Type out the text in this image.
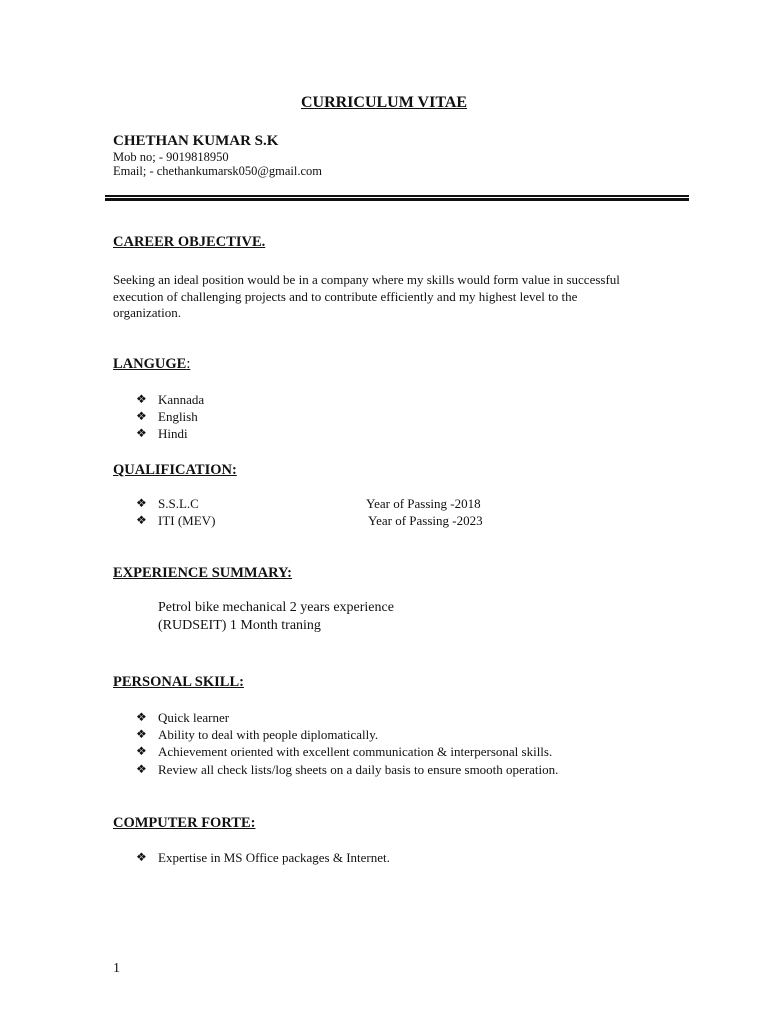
CURRICULUM VITAE
CHETHAN KUMAR S.K
Mob no; - 9019818950
Email; - chethankumarsk050@gmail.com
CAREER OBJECTIVE.
Seeking an ideal position would be in a company where my skills would form value in successful
execution of challenging projects and to contribute efficiently and my highest level to the
organization.
LANGUGE:
❖ Kannada
❖ English
❖ Hindi
QUALIFICATION:
❖ S.S.L.C	Year of Passing -2018
❖ ITI (MEV)	Year of Passing -2023
EXPERIENCE SUMMARY:
Petrol bike mechanical 2 years experience
(RUDSEIT) 1 Month traning
PERSONAL SKILL:
❖ Quick learner
❖ Ability to deal with people diplomatically.
❖ Achievement oriented with excellent communication & interpersonal skills.
❖ Review all check lists/log sheets on a daily basis to ensure smooth operation.
COMPUTER FORTE:
❖ Expertise in MS Office packages & Internet.
1
